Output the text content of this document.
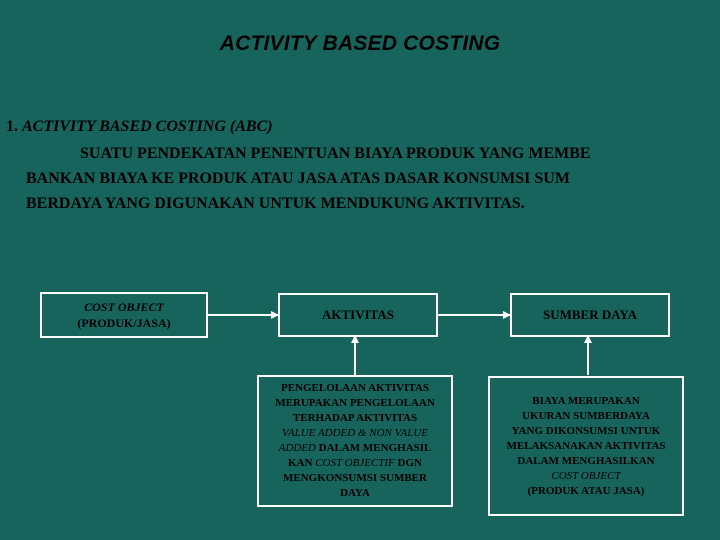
ACTIVITY BASED COSTING
1. ACTIVITY BASED COSTING (ABC)
SUATU PENDEKATAN PENENTUAN BIAYA PRODUK YANG MEMBE
BANKAN BIAYA KE PRODUK ATAU JASA ATAS DASAR KONSUMSI SUM
BERDAYA YANG DIGUNAKAN UNTUK MENDUKUNG AKTIVITAS.
COST OBJECT
(PRODUK/JASA)
AKTIVITAS	SUMBER DAYA
PENGELOLAAN AKTIVITAS
MERUPAKAN PENGELOLAAN
TERHADAP AKTIVITAS
VALUE ADDED & NON VALUE
ADDED DALAM MENGHASIL
KAN COST OBJECTIF DGN
MENGKONSUMSI SUMBER
DAYA
BIAYA MERUPAKAN
UKURAN SUMBERDAYA
YANG DIKONSUMSI UNTUK
MELAKSANAKAN AKTIVITAS
DALAM MENGHASILKAN
COST OBJECT
(PRODUK ATAU JASA)
